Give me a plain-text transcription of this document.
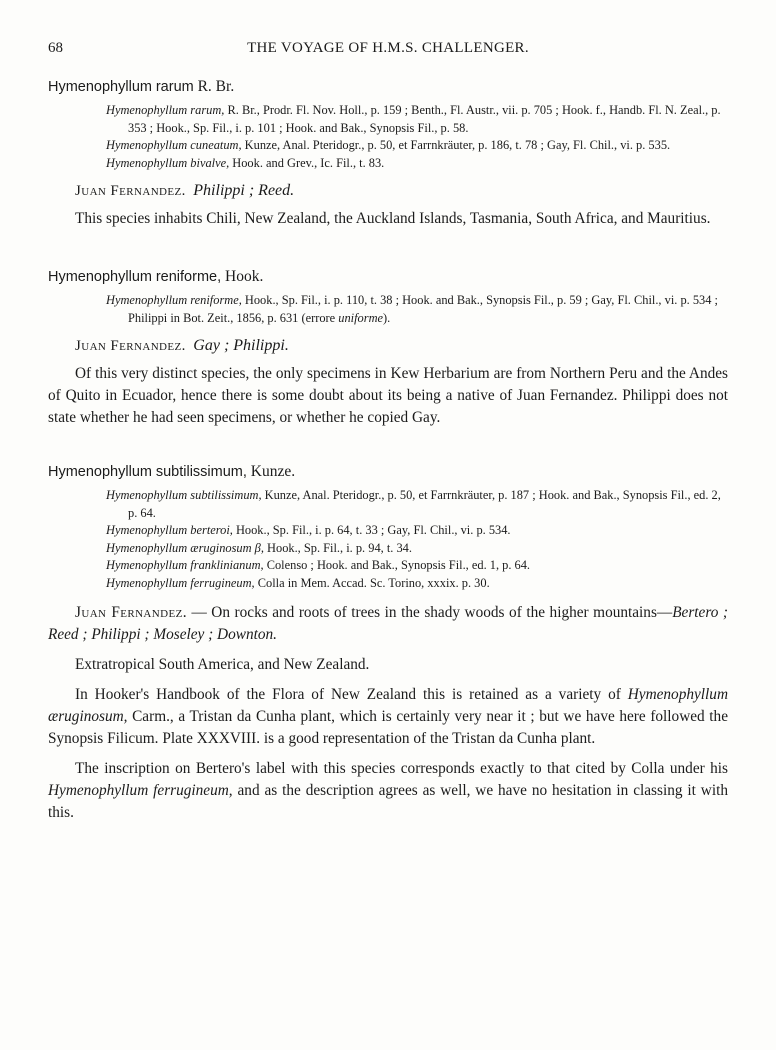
68	THE VOYAGE OF H.M.S. CHALLENGER.

Hymenophyllum rarum R. Br.

Hymenophyllum rarum, R. Br., Prodr. Fl. Nov. Holl., p. 159 ; Benth., Fl. Austr., vii. p. 705 ; Hook. f., Handb. Fl. N. Zeal., p. 353 ; Hook., Sp. Fil., i. p. 101 ; Hook. and Bak., Synopsis Fil., p. 58.
Hymenophyllum cuneatum, Kunze, Anal. Pteridogr., p. 50, et Farrnkräuter, p. 186, t. 78 ; Gay, Fl. Chil., vi. p. 535.
Hymenophyllum bivalve, Hook. and Grev., Ic. Fil., t. 83.
Juan Fernandez. Philippi ; Reed.

This species inhabits Chili, New Zealand, the Auckland Islands, Tasmania, South Africa, and Mauritius.

Hymenophyllum reniforme, Hook.

Hymenophyllum reniforme, Hook., Sp. Fil., i. p. 110, t. 38 ; Hook. and Bak., Synopsis Fil., p. 59 ; Gay, Fl. Chil., vi. p. 534 ; Philippi in Bot. Zeit., 1856, p. 631 (errore uniforme).
Juan Fernandez. Gay ; Philippi.

Of this very distinct species, the only specimens in Kew Herbarium are from Northern Peru and the Andes of Quito in Ecuador, hence there is some doubt about its being a native of Juan Fernandez. Philippi does not state whether he had seen specimens, or whether he copied Gay.

Hymenophyllum subtilissimum, Kunze.

Hymenophyllum subtilissimum, Kunze, Anal. Pteridogr., p. 50, et Farrnkräuter, p. 187 ; Hook. and Bak., Synopsis Fil., ed. 2, p. 64.
Hymenophyllum berteroi, Hook., Sp. Fil., i. p. 64, t. 33 ; Gay, Fl. Chil., vi. p. 534.
Hymenophyllum æruginosum β, Hook., Sp. Fil., i. p. 94, t. 34.
Hymenophyllum franklinianum, Colenso ; Hook. and Bak., Synopsis Fil., ed. 1, p. 64.
Hymenophyllum ferrugineum, Colla in Mem. Accad. Sc. Torino, xxxix. p. 30.

Juan Fernandez. — On rocks and roots of trees in the shady woods of the higher mountains—Bertero ; Reed ; Philippi ; Moseley ; Downton.

Extratropical South America, and New Zealand.

In Hooker's Handbook of the Flora of New Zealand this is retained as a variety of Hymenophyllum æruginosum, Carm., a Tristan da Cunha plant, which is certainly very near it ; but we have here followed the Synopsis Filicum. Plate XXXVIII. is a good representation of the Tristan da Cunha plant.

The inscription on Bertero's label with this species corresponds exactly to that cited by Colla under his Hymenophyllum ferrugineum, and as the description agrees as well, we have no hesitation in classing it with this.
